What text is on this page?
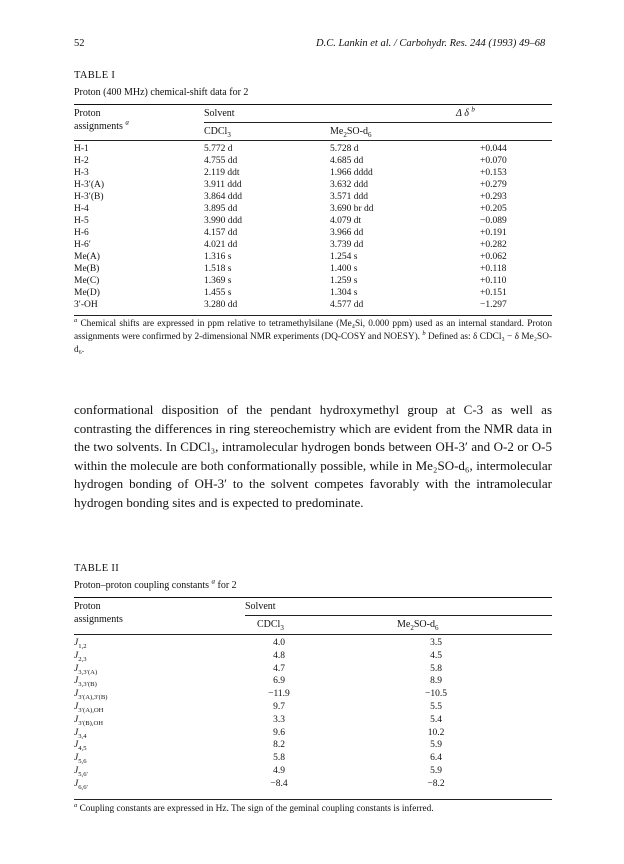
52	D.C. Lankin et al. / Carbohydr. Res. 244 (1993) 49–68
TABLE I
Proton (400 MHz) chemical-shift data for 2
Proton
assignments $^a$
Solvent	Δ δ $^b$
CDCl$_3$	$Me_2SO-d_6$
H-1	5.772 d	5.728 d	+0.044
H-2	4.755 dd	4.685 dd	+0.070
H-3	2.119 ddt	1.966 dddd	+0.153
H-3′(A)	3.911 ddd	3.632 ddd	+0.279
H-3′(B)	3.864 ddd	3.571 ddd	+0.293
H-4	3.895 dd	3.690 br dd	+0.205
H-5	3.990 ddd	4.079 dt	−0.089
H-6	4.157 dd	3.966 dd	+0.191
H-6′	4.021 dd	3.739 dd	+0.282
Me(A)	1.316 s	1.254 s	+0.062
Me(B)	1.518 s	1.400 s	+0.118
Me(C)	1.369 s	1.259 s	+0.110
Me(D)	1.455 s	1.304 s	+0.151
3′-OH	3.280 dd	4.577 dd	−1.297
$^a$ Chemical shifts are expressed in ppm relative to tetramethylsilane (Me₄Si, 0.000 ppm) used as an internal standard. Proton assignments were confirmed by 2-dimensional NMR experiments (DQ-COSY and NOESY). $^b$ Defined as: δ CDCl₃ − δ Me₂SO-d₆.
conformational disposition of the pendant hydroxymethyl group at C-3 as well as contrasting the differences in ring stereochemistry which are evident from the NMR data in the two solvents. In CDCl₃, intramolecular hydrogen bonds between OH-3′ and O-2 or O-5 within the molecule are both conformationally possible, while in Me₂SO-d₆, intermolecular hydrogen bonding of OH-3′ to the solvent competes favorably with the intramolecular hydrogen bonding sites and is expected to predominate.
TABLE II
Proton–proton coupling constants $^a$ for 2
Proton
assignments
Solvent
CDCl$_3$	$Me_2SO-d_6$
$J_{1,2}$	4.0	3.5
$J_{2,3}$	4.8	4.5
$J_{3,3'(A)}$	4.7	5.8
$J_{3,3'(B)}$	6.9	8.9
$J_{3'(A),3'(B)}$	−11.9	−10.5
$J_{3'(A),OH}$	9.7	5.5
$J_{3'(B),OH}$	3.3	5.4
$J_{3,4}$	9.6	10.2
$J_{4,5}$	8.2	5.9
$J_{5,6}$	5.8	6.4
$J_{5,6'}$	4.9	5.9
$J_{6,6'}$	−8.4	−8.2
$^a$ Coupling constants are expressed in Hz. The sign of the geminal coupling constants is inferred.
